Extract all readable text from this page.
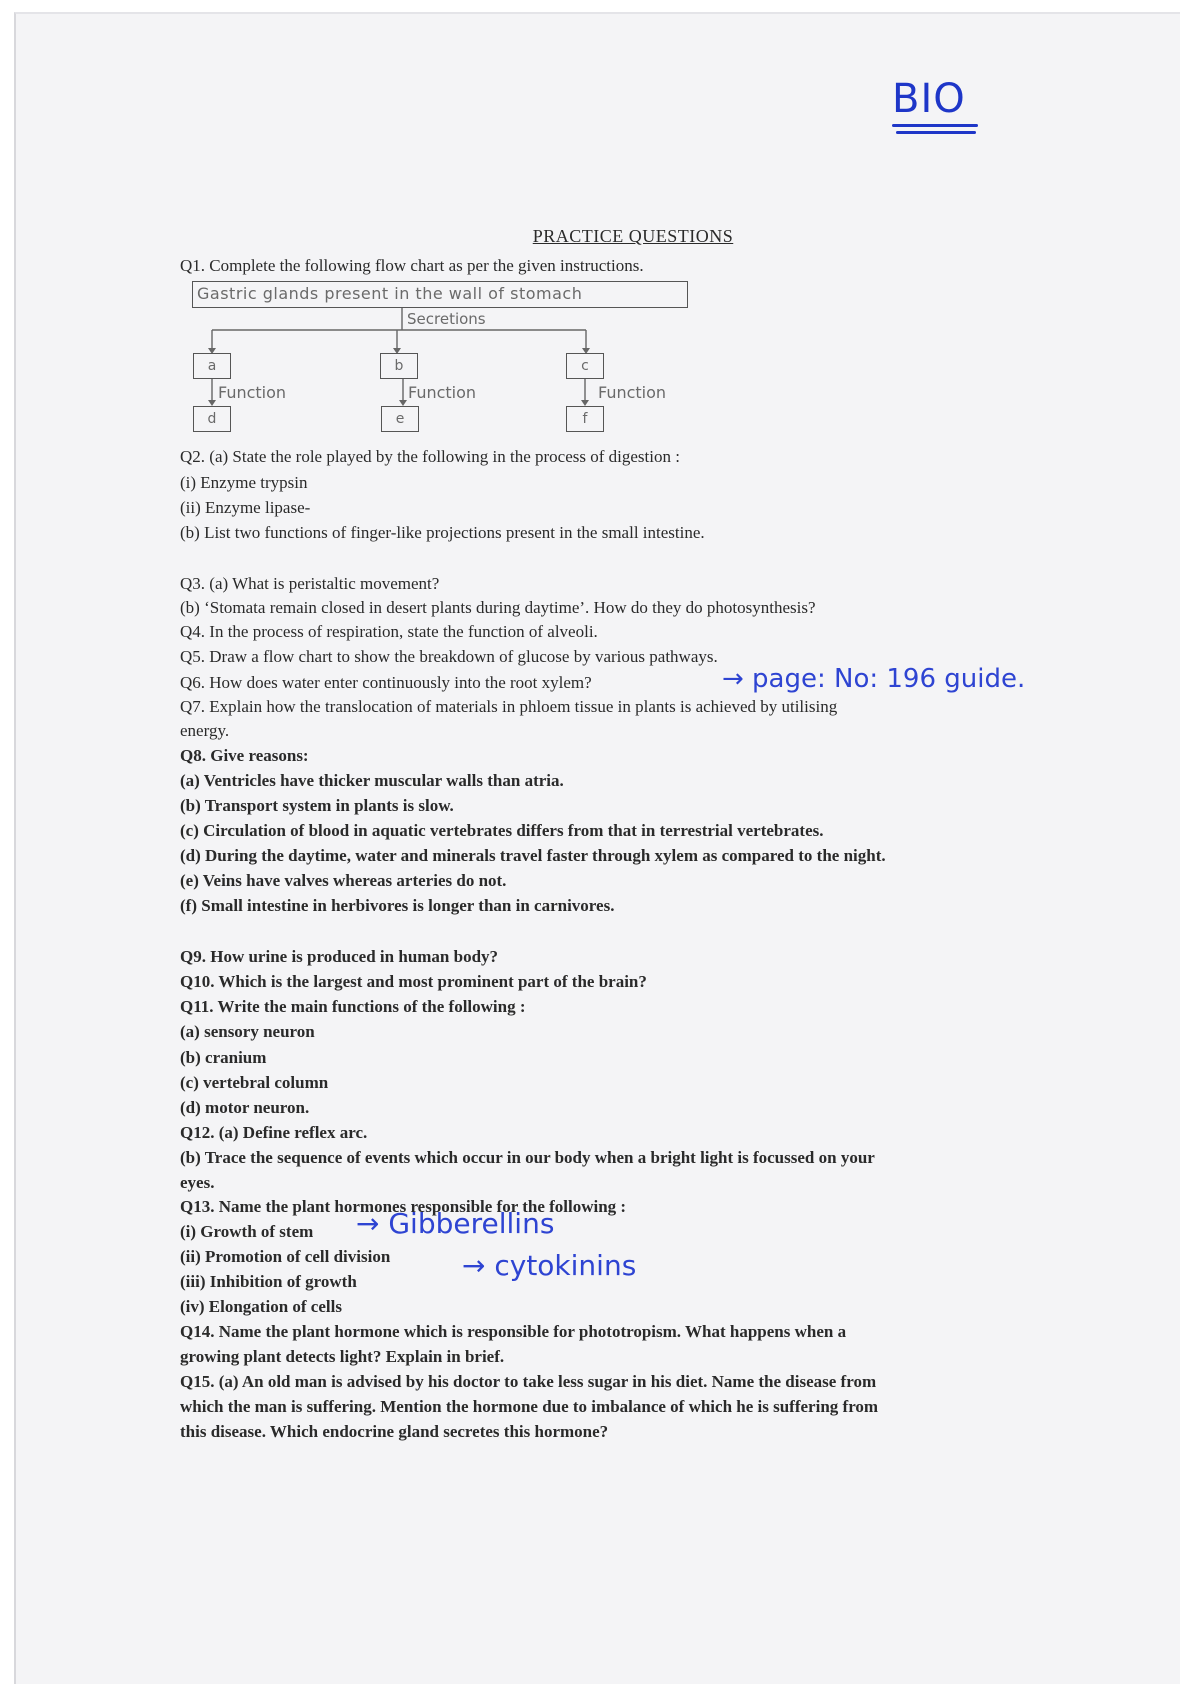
BIO
PRACTICE QUESTIONS
Q1. Complete the following flow chart as per the given instructions.
Gastric glands present in the wall of stomach
Secretions
a	b	c
Function	Function	Function
d	e	f
Q2. (a) State the role played by the following in the process of digestion :
(i) Enzyme trypsin
(ii) Enzyme lipase-
(b) List two functions of finger-like projections present in the small intestine.
Q3. (a) What is peristaltic movement?
(b) ‘Stomata remain closed in desert plants during daytime’. How do they do photosynthesis?
Q4. In the process of respiration, state the function of alveoli.
Q5. Draw a flow chart to show the breakdown of glucose by various pathways.
Q6. How does water enter continuously into the root xylem?	→ page: No: 196 guide.
Q7. Explain how the translocation of materials in phloem tissue in plants is achieved by utilising
energy.
Q8. Give reasons:
(a) Ventricles have thicker muscular walls than atria.
(b) Transport system in plants is slow.
(c) Circulation of blood in aquatic vertebrates differs from that in terrestrial vertebrates.
(d) During the daytime, water and minerals travel faster through xylem as compared to the night.
(e) Veins have valves whereas arteries do not.
(f) Small intestine in herbivores is longer than in carnivores.
Q9. How urine is produced in human body?
Q10. Which is the largest and most prominent part of the brain?
Q11. Write the main functions of the following :
(a) sensory neuron
(b) cranium
(c) vertebral column
(d) motor neuron.
Q12. (a) Define reflex arc.
(b) Trace the sequence of events which occur in our body when a bright light is focussed on your
eyes.
Q13. Name the plant hormones responsible for the following :
(i) Growth of stem → Gibberellins
(ii) Promotion of cell division	→ cytokinins
(iii) Inhibition of growth
(iv) Elongation of cells
Q14. Name the plant hormone which is responsible for phototropism. What happens when a
growing plant detects light? Explain in brief.
Q15. (a) An old man is advised by his doctor to take less sugar in his diet. Name the disease from
which the man is suffering. Mention the hormone due to imbalance of which he is suffering from
this disease. Which endocrine gland secretes this hormone?
